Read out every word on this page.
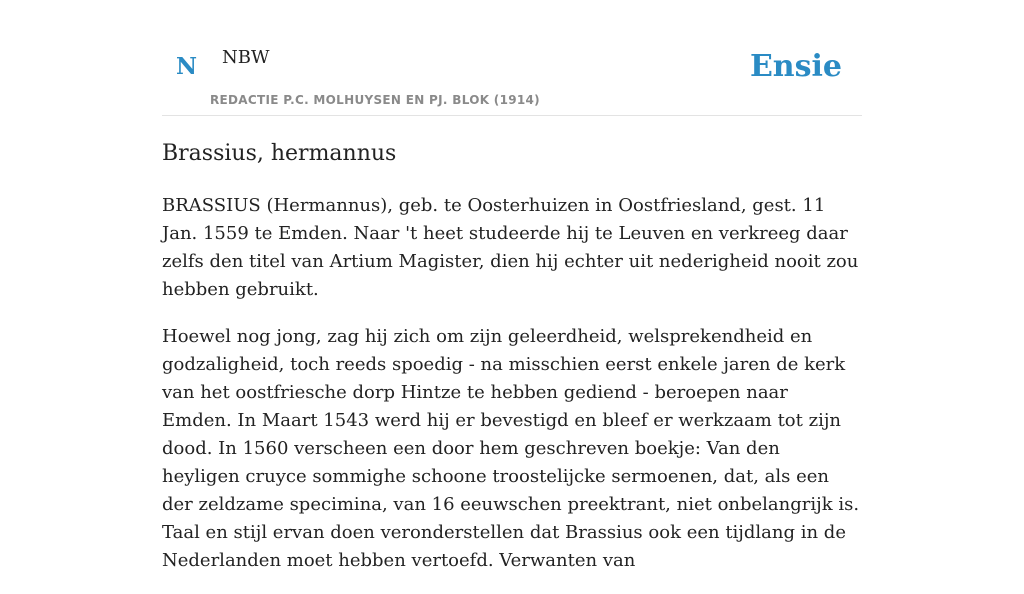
N NBW
REDACTIE P.C. MOLHUYSEN EN PJ. BLOK (1914)
Ensie
Brassius, hermannus

BRASSIUS (Hermannus), geb. te Oosterhuizen in Oostfriesland, gest. 11 Jan. 1559 te Emden. Naar 't heet studeerde hij te Leuven en verkreeg daar zelfs den titel van Artium Magister, dien hij echter uit nederigheid nooit zou hebben gebruikt.

Hoewel nog jong, zag hij zich om zijn geleerdheid, welsprekendheid en godzaligheid, toch reeds spoedig - na misschien eerst enkele jaren de kerk van het oostfriesche dorp Hintze te hebben gediend - beroepen naar Emden. In Maart 1543 werd hij er bevestigd en bleef er werkzaam tot zijn dood. In 1560 verscheen een door hem geschreven boekje: Van den heyligen cruyce sommighe schoone troostelijcke sermoenen, dat, als een der zeldzame specimina, van 16 eeuwschen preektrant, niet onbelangrijk is. Taal en stijl ervan doen veronderstellen dat Brassius ook een tijdlang in de Nederlanden moet hebben vertoefd. Verwanten van
